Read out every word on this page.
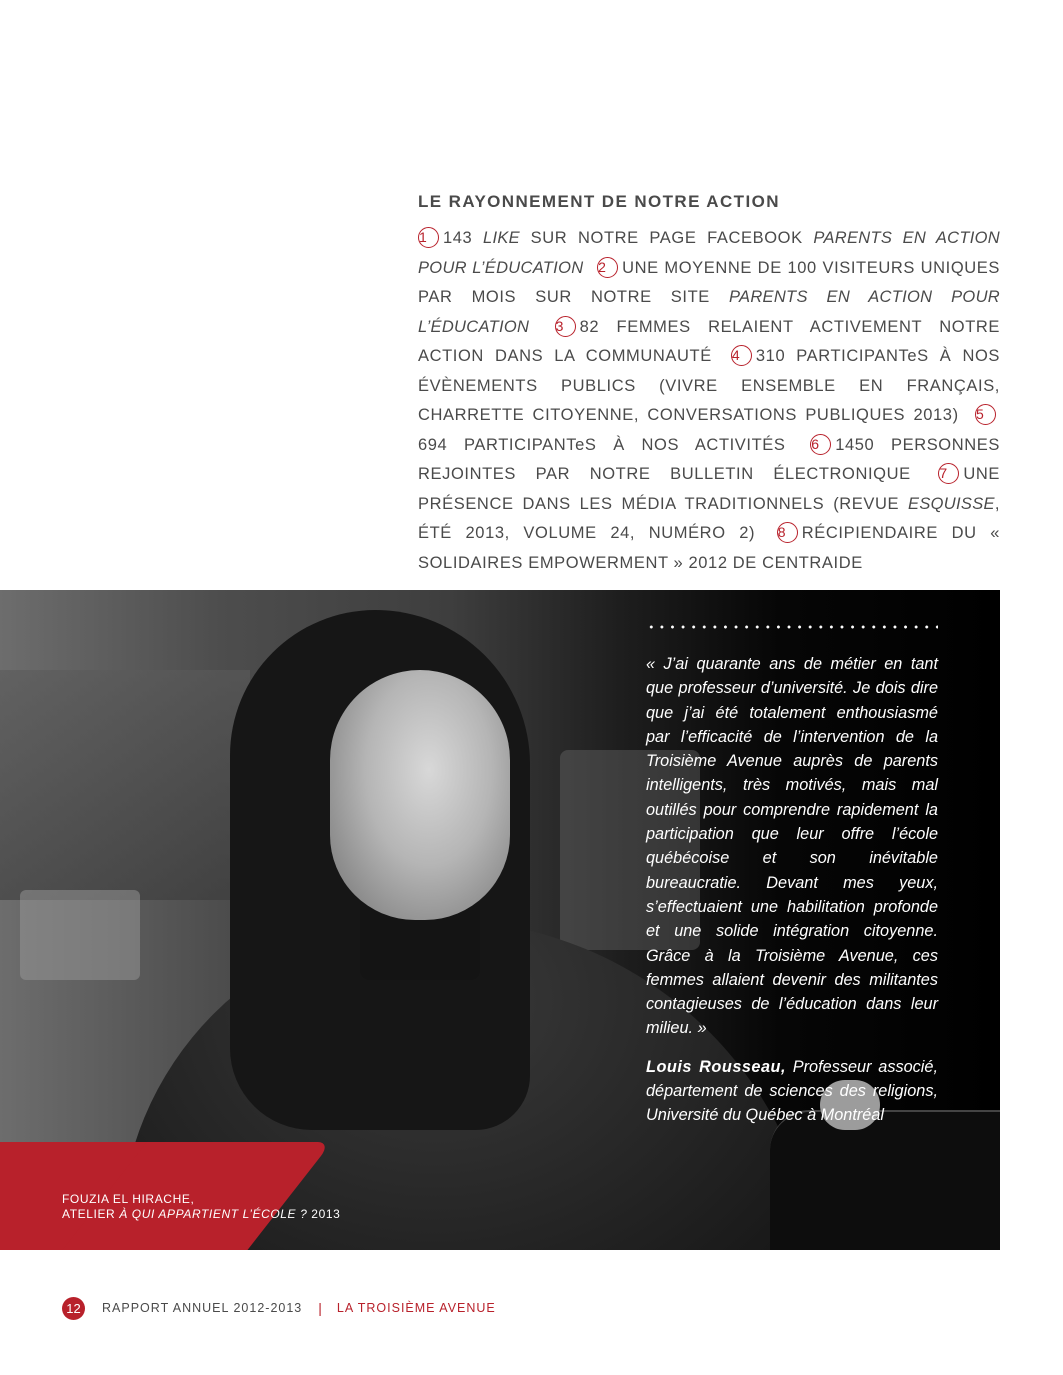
LE RAYONNEMENT DE NOTRE ACTION

1 143 LIKE SUR NOTRE PAGE FACEBOOK PARENTS EN ACTION POUR L’ÉDUCATION 2 UNE MOYENNE DE 100 VISITEURS UNIQUES PAR MOIS SUR NOTRE SITE PARENTS EN ACTION POUR L’ÉDUCATION 3 82 FEMMES RELAIENT ACTIVEMENT NOTRE ACTION DANS LA COMMUNAUTÉ 4 310 PARTICIPANTeS À NOS ÉVÈNEMENTS PUBLICS (VIVRE ENSEMBLE EN FRANÇAIS, CHARRETTE CITOYENNE, CONVERSATIONS PUBLIQUES 2013) 5694 PARTICIPANTeS À NOS ACTIVITÉS 6 1450 PERSONNES REJOINTES PAR NOTRE BULLETIN ÉLECTRONIQUE 7 UNE PRÉSENCE DANS LES MÉDIA TRADITIONNELS (REVUE ESQUISSE, ÉTÉ 2013, VOLUME 24, NUMÉRO 2) 8 RÉCIPIENDAIRE DU « SOLIDAIRES EMPOWERMENT » 2012 DE CENTRAIDE

« J’ai quarante ans de métier en tant que professeur d’université. Je dois dire que j’ai été totalement enthousiasmé par l’efficacité de l’intervention de la Troisième Avenue auprès de parents intelligents, très motivés, mais mal outillés pour comprendre rapidement la participation que leur offre l’école québécoise et son inévitable bureaucratie. Devant mes yeux, s’effectuaient une habilitation profonde et une solide intégration citoyenne. Grâce à la Troisième Avenue, ces femmes allaient devenir des militantes contagieuses de l’éducation dans leur milieu. »

Louis Rousseau, Professeur associé, département de sciences des religions, Université du Québec à Montréal

FOUZIA EL HIRACHE,
ATELIER À QUI APPARTIENT L’ÉCOLE ? 2013
12	RAPPORT ANNUEL 2012-2013 | LA TROISIÈME AVENUE
